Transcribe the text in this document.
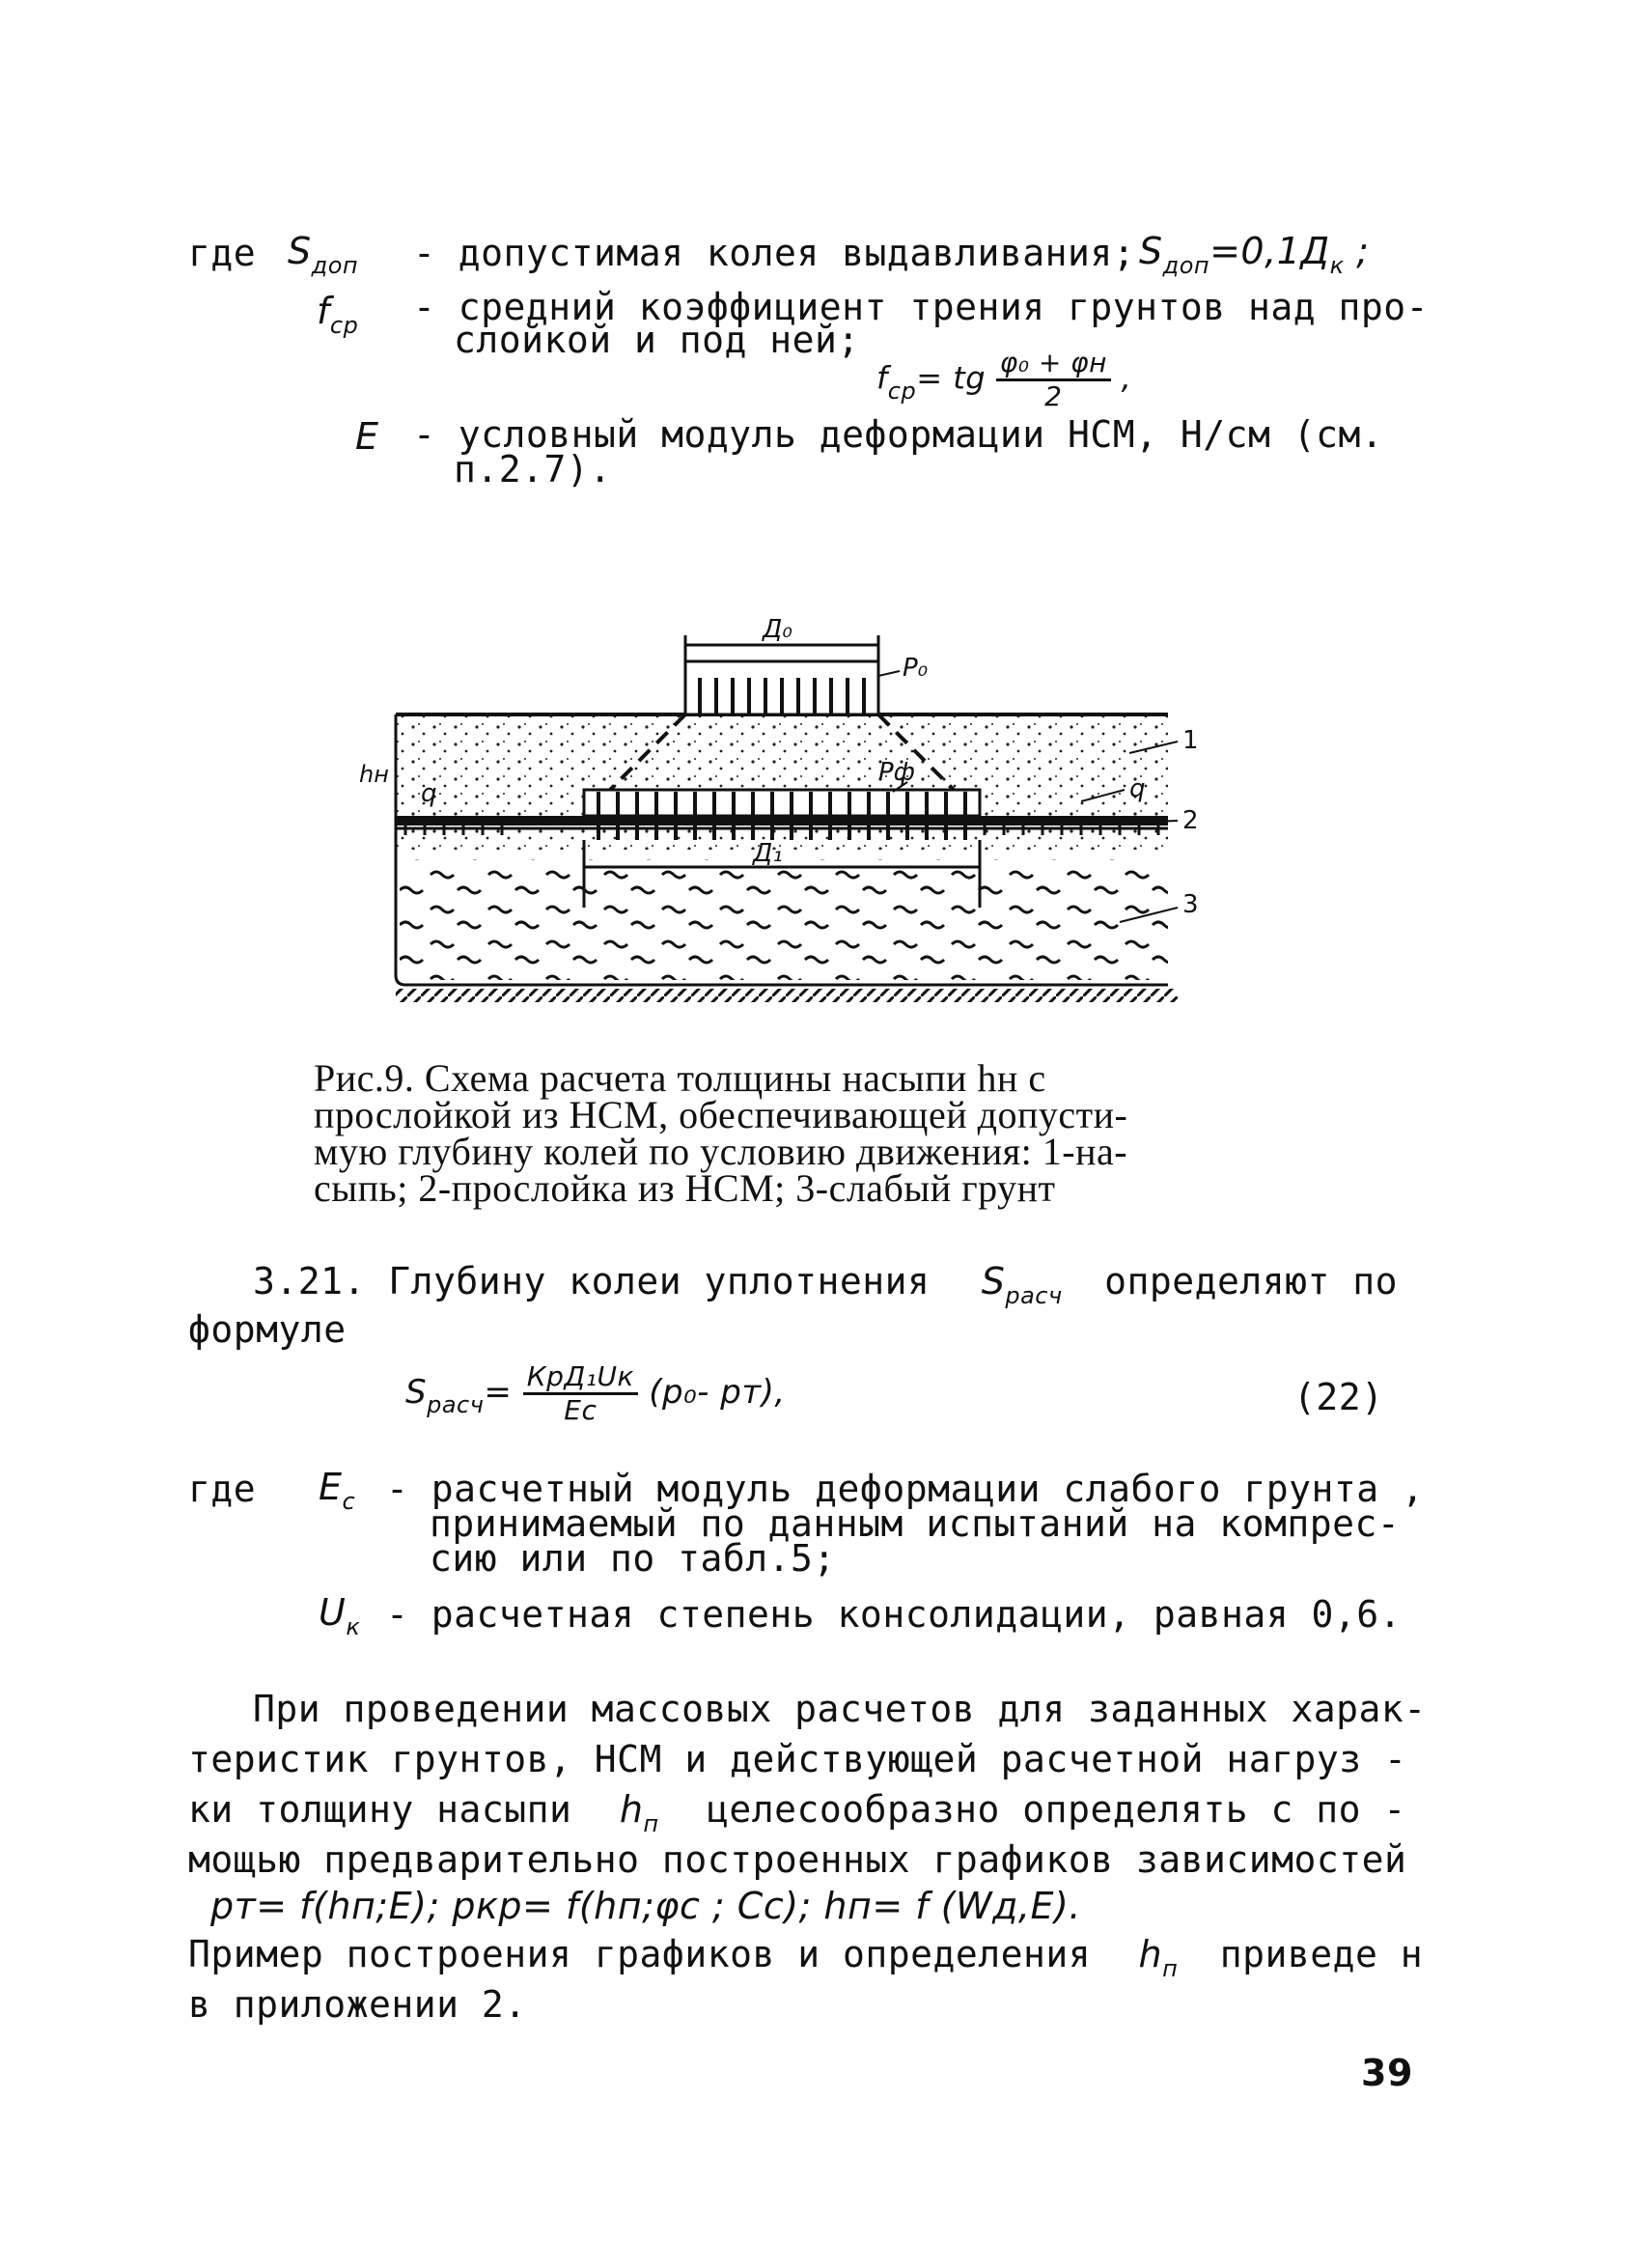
где $S_{доп}$ - допустимая колея выдавливания; $S_{доп}=0,1Д_к$ ;
$f_{ср}$ - средний коэффициент трения грунтов над про-
слойкой и под ней;
$f_{ср}=$ tg $\frac{\text{φ₀ + φн}}{2}$ ,
E - условный модуль деформации НСМ, Н/см (см.
п.2.7).
Д₀
P₀
Pф
Д₁
hн
q	q
1
2
3
Рис.9. Схема расчета толщины насыпи hн с
прослойкой из НСМ, обеспечивающей допусти-
мую глубину колей по условию движения: 1-на-
сыпь; 2-прослойка из НСМ; 3-слабый грунт
3.21. Глубину колеи уплотнения $S_{расч}$ определяют по
формуле
$S_{расч}= \frac{\text{КрД₁Uк}}{Eс} (p_0-$ pт),	(22)
где $E_с$ - расчетный модуль деформации слабого грунта ,
принимаемый по данным испытаний на компрес-
сию или по табл.5;
$U_к$ - расчетная степень консолидации, равная 0,6.
При проведении массовых расчетов для заданных харак-
теристик грунтов, НСМ и действующей расчетной нагруз -
ки толщину насыпи $h_п$ целесообразно определять с по -
мощью предварительно построенных графиков зависимостей
pт= f(hп;E); pкр= f(hп;φc ; Cc); hп= f (Wд,E).
Пример построения графиков и определения $h_п$ приведе н
в приложении 2.
39
